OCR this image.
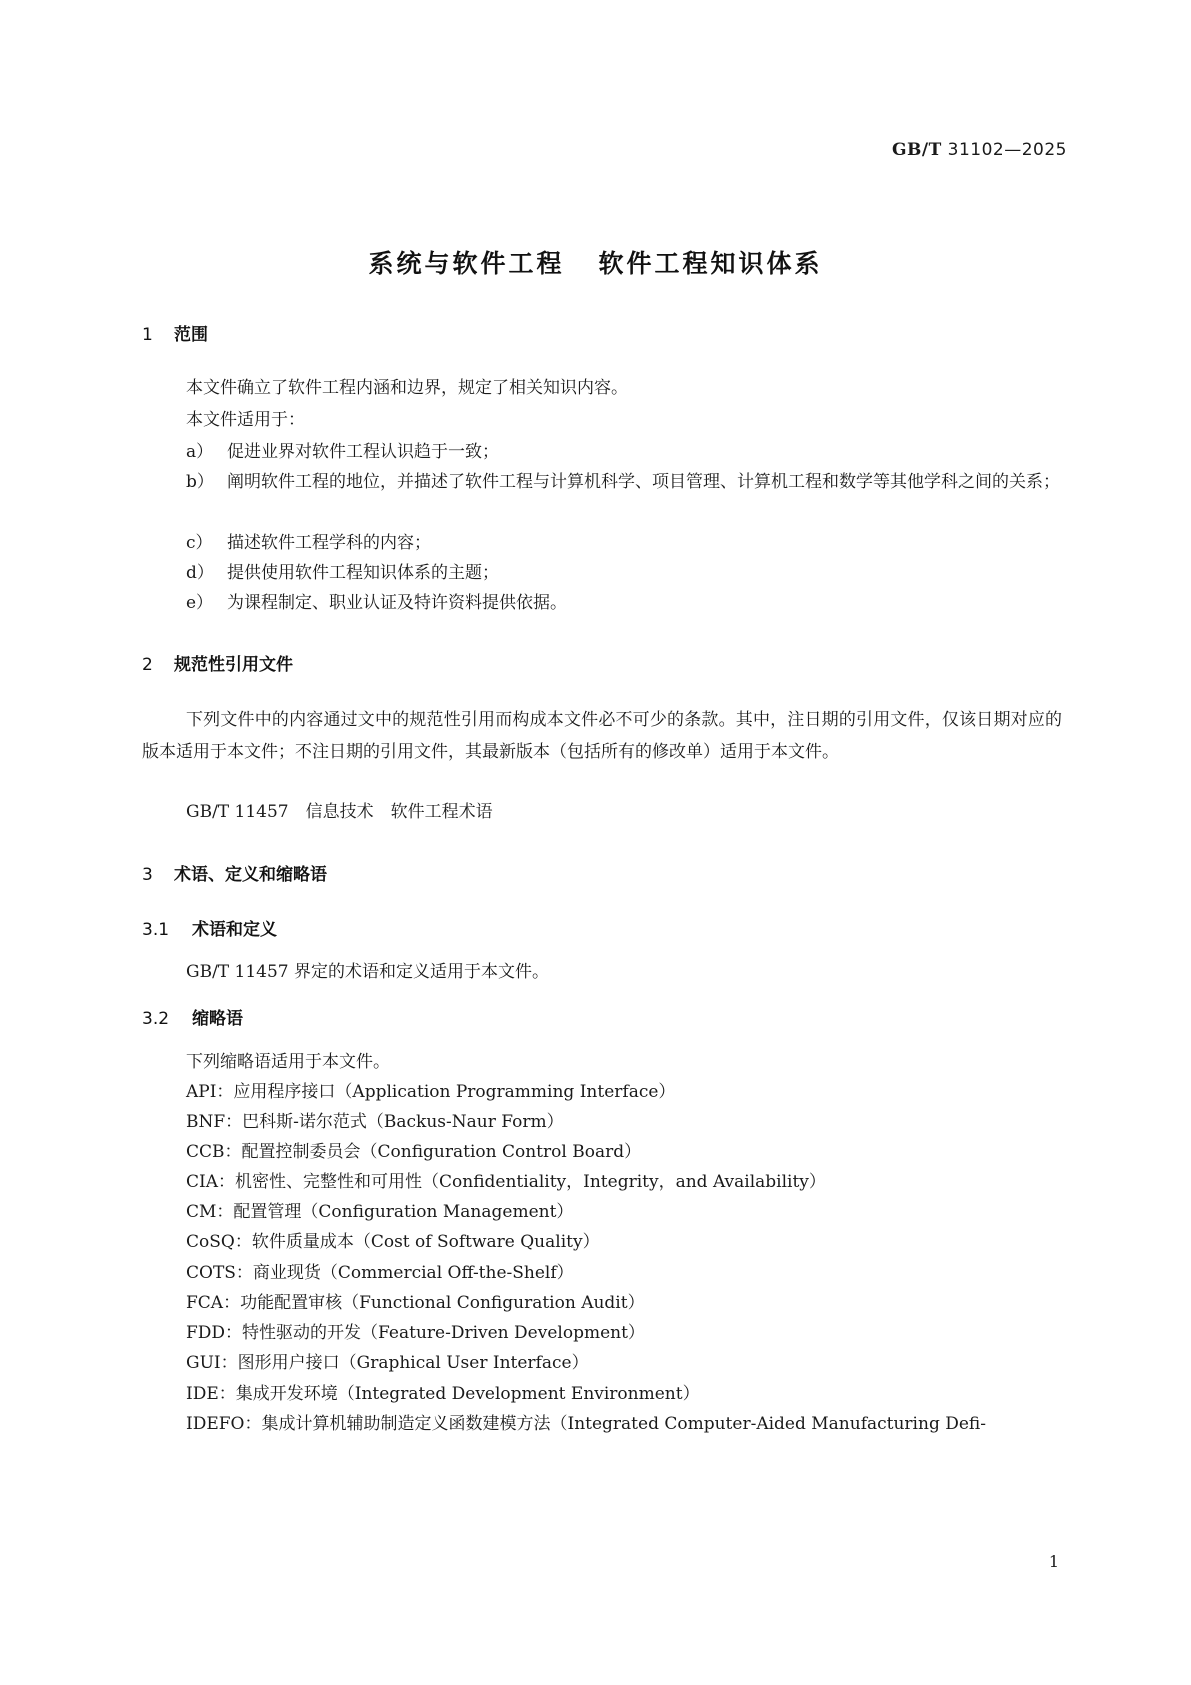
GB/T 31102—2025
系统与软件工程 软件工程知识体系
1 范围
本文件确立了软件工程内涵和边界，规定了相关知识内容。
本文件适用于：
a） 促进业界对软件工程认识趋于一致；
b） 阐明软件工程的地位，并描述了软件工程与计算机科学、项目管理、计算机工程和数学等其他学科之间的关系；
c） 描述软件工程学科的内容；
d） 提供使用软件工程知识体系的主题；
e） 为课程制定、职业认证及特许资料提供依据。
2 规范性引用文件
下列文件中的内容通过文中的规范性引用而构成本文件必不可少的条款。其中，注日期的引用文件，仅该日期对应的版本适用于本文件；不注日期的引用文件，其最新版本（包括所有的修改单）适用于本文件。
GB/T 11457　信息技术　软件工程术语
3 术语、定义和缩略语
3.1 术语和定义
GB/T 11457 界定的术语和定义适用于本文件。
3.2 缩略语
下列缩略语适用于本文件。
API：应用程序接口（Application Programming Interface）
BNF：巴科斯-诺尔范式（Backus-Naur Form）
CCB：配置控制委员会（Configuration Control Board）
CIA：机密性、完整性和可用性（Confidentiality，Integrity，and Availability）
CM：配置管理（Configuration Management）
CoSQ：软件质量成本（Cost of Software Quality）
COTS：商业现货（Commercial Off-the-Shelf）
FCA：功能配置审核（Functional Configuration Audit）
FDD：特性驱动的开发（Feature-Driven Development）
GUI：图形用户接口（Graphical User Interface）
IDE：集成开发环境（Integrated Development Environment）
IDEFO：集成计算机辅助制造定义函数建模方法（Integrated Computer-Aided Manufacturing Defi-
1
